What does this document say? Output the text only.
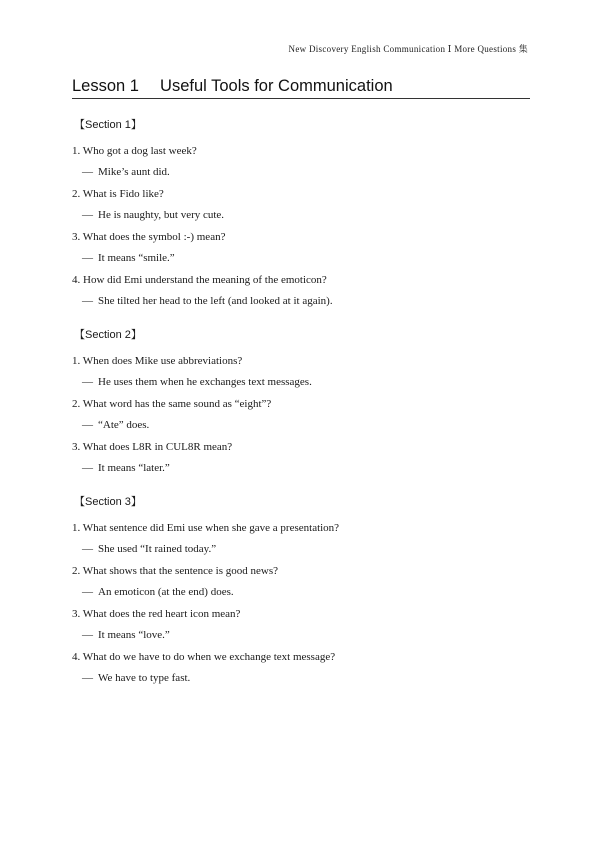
New Discovery English Communication Ⅰ More Questions 集
Lesson 1　 Useful Tools for Communication
【Section 1】
1. Who got a dog last week?
— Mike’s aunt did.
2. What is Fido like?
— He is naughty, but very cute.
3. What does the symbol :-) mean?
— It means “smile.”
4. How did Emi understand the meaning of the emoticon?
— She tilted her head to the left (and looked at it again).
【Section 2】
1. When does Mike use abbreviations?
— He uses them when he exchanges text messages.
2. What word has the same sound as “eight”?
— “Ate” does.
3. What does L8R in CUL8R mean?
— It means “later.”
【Section 3】
1. What sentence did Emi use when she gave a presentation?
— She used “It rained today.”
2. What shows that the sentence is good news?
— An emoticon (at the end) does.
3. What does the red heart icon mean?
— It means “love.”
4. What do we have to do when we exchange text message?
— We have to type fast.
